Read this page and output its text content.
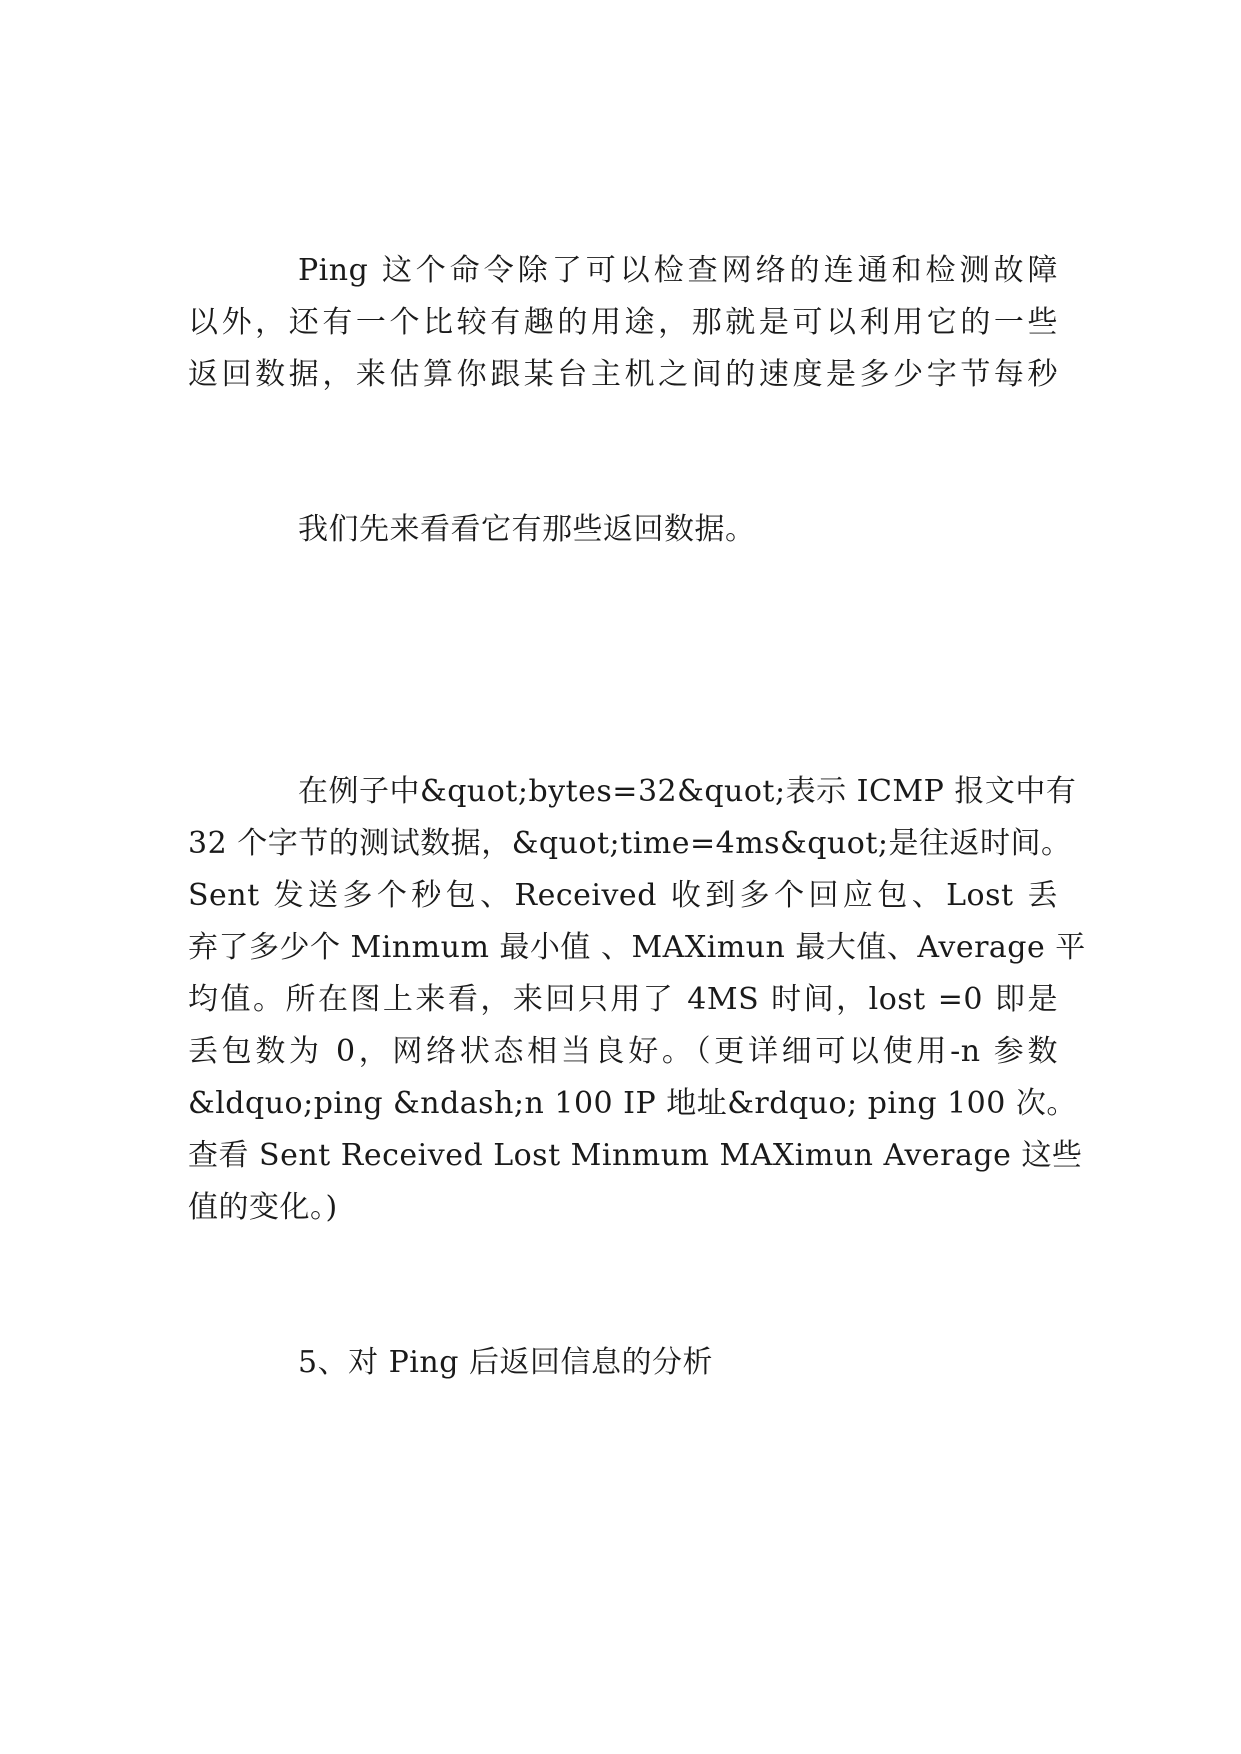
Ping 这个命令除了可以检查网络的连通和检测故障
以外，还有一个比较有趣的用途，那就是可以利用它的一些
返回数据，来估算你跟某台主机之间的速度是多少字节每秒
我们先来看看它有那些返回数据。
在例子中&quot;bytes=32&quot;表示 ICMP 报文中有
32 个字节的测试数据，&quot;time=4ms&quot;是往返时间。
Sent 发送多个秒包、Received 收到多个回应包、Lost 丢
弃了多少个 Minmum 最小值 、MAXimun 最大值、Average 平
均值。所在图上来看，来回只用了 4MS 时间，lost =0 即是
丢包数为 0，网络状态相当良好。（更详细可以使用-n 参数
&ldquo;ping &ndash;n 100 IP 地址&rdquo; ping 100 次。
查看 Sent Received Lost Minmum MAXimun Average 这些
值的变化。)
5、对 Ping 后返回信息的分析
